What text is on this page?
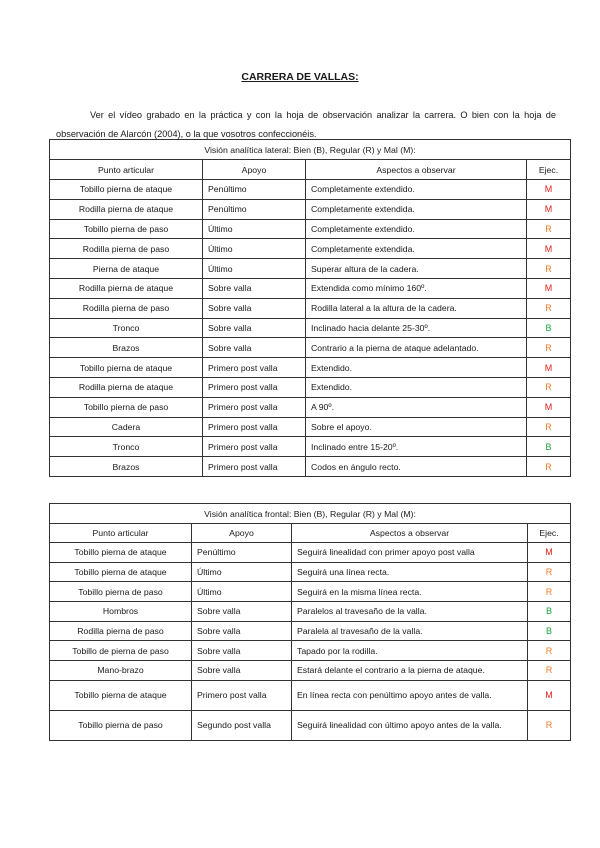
CARRERA DE VALLAS:

Ver el vídeo grabado en la práctica y con la hoja de observación analizar la carrera. O bien con la hoja de observación de Alarcón (2004), o la que vosotros confeccionéis.

Visión analítica lateral: Bien (B), Regular (R) y Mal (M):			
Punto articular	Apoyo	Aspectos a observar	Ejec.
Tobillo pierna de ataque	Penúltimo	Completamente extendido.	M
Rodilla pierna de ataque	Penúltimo	Completamente extendida.	M
Tobillo pierna de paso	Último	Completamente extendido.	R
Rodilla pierna de paso	Último	Completamente extendida.	M
Pierna de ataque	Último	Superar altura de la cadera.	R
Rodilla pierna de ataque	Sobre valla	Extendida como mínimo 160º.	M
Rodilla pierna de paso	Sobre valla	Rodilla lateral a la altura de la cadera.	R
Tronco	Sobre valla	Inclinado hacia delante 25-30º.	B
Brazos	Sobre valla	Contrario a la pierna de ataque adelantado.	R
Tobillo pierna de ataque	Primero post valla	Extendido.	M
Rodilla pierna de ataque	Primero post valla	Extendido.	R
Tobillo pierna de paso	Primero post valla	A 90º.	M
Cadera	Primero post valla	Sobre el apoyo.	R
Tronco	Primero post valla	Inclinado entre 15-20º.	B
Brazos	Primero post valla	Codos en ángulo recto.	R
Visión analítica frontal: Bien (B), Regular (R) y Mal (M):			
Punto articular	Apoyo	Aspectos a observar	Ejec.
Tobillo pierna de ataque	Penúltimo	Seguirá linealidad con primer apoyo post valla	M
Tobillo pierna de ataque	Último	Seguirá una línea recta.	R
Tobillo pierna de paso	Último	Seguirá en la misma línea recta.	R
Hombros	Sobre valla	Paralelos al travesaño de la valla.	B
Rodilla pierna de paso	Sobre valla	Paralela al travesaño de la valla.	B
Tobillo de pierna de paso	Sobre valla	Tapado por la rodilla.	R
Mano-brazo	Sobre valla	Estará delante el contrario a la pierna de ataque.	R
Tobillo pierna de ataque	Primero post valla	En línea recta con penúltimo apoyo antes de valla.	M
Tobillo pierna de paso	Segundo post valla	Seguirá linealidad con último apoyo antes de la valla.	R
